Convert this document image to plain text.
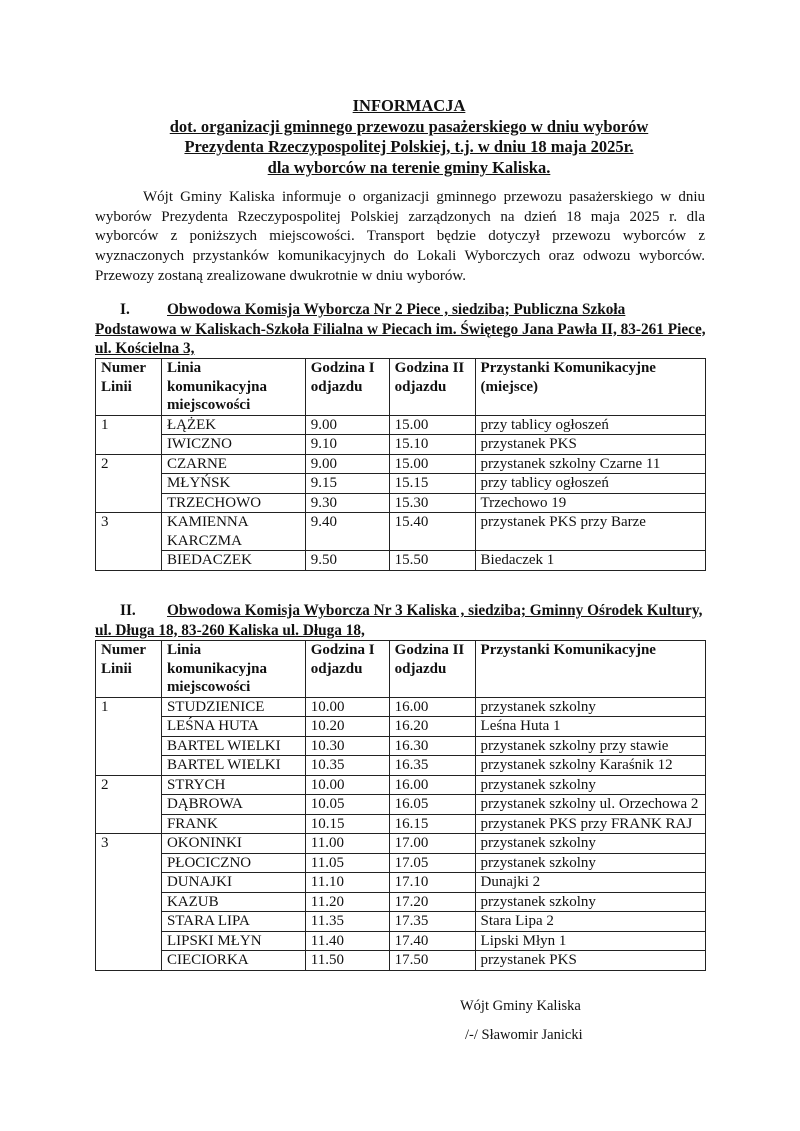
INFORMACJA
dot. organizacji gminnego przewozu pasażerskiego w dniu wyborów
Prezydenta Rzeczypospolitej Polskiej, t.j. w dniu 18 maja 2025r.
dla wyborców na terenie gminy Kaliska.
Wójt Gminy Kaliska informuje o organizacji gminnego przewozu pasażerskiego w dniu wyborów Prezydenta Rzeczypospolitej Polskiej zarządzonych na dzień 18 maja 2025 r. dla wyborców z poniższych miejscowości. Transport będzie dotyczył przewozu wyborców z wyznaczonych przystanków komunikacyjnych do Lokali Wyborczych oraz odwozu wyborców. Przewozy zostaną zrealizowane dwukrotnie w dniu wyborów.
I. Obwodowa Komisja Wyborcza Nr 2 Piece , siedziba; Publiczna Szkoła Podstawowa w Kaliskach-Szkoła Filialna w Piecach im. Świętego Jana Pawła II, 83-261 Piece, ul. Kościelna 3,
Numer Linii	Linia komunikacyjna miejscowości	Godzina I odjazdu	Godzina II odjazdu	Przystanki Komunikacyjne (miejsce)
1	ŁĄŻEK	9.00	15.00	przy tablicy ogłoszeń
	IWICZNO	9.10	15.10	przystanek PKS
2	CZARNE	9.00	15.00	przystanek szkolny Czarne 11
	MŁYŃSK	9.15	15.15	przy tablicy ogłoszeń
	TRZECHOWO	9.30	15.30	Trzechowo 19
3	KAMIENNA KARCZMA	9.40	15.40	przystanek PKS przy Barze
	BIEDACZEK	9.50	15.50	Biedaczek 1
II. Obwodowa Komisja Wyborcza Nr 3 Kaliska , siedziba; Gminny Ośrodek Kultury, ul. Długa 18, 83-260 Kaliska ul. Długa 18,
Numer Linii	Linia komunikacyjna miejscowości	Godzina I odjazdu	Godzina II odjazdu	Przystanki Komunikacyjne
1	STUDZIENICE	10.00	16.00	przystanek szkolny
	LEŚNA HUTA	10.20	16.20	Leśna Huta 1
	BARTEL WIELKI	10.30	16.30	przystanek szkolny przy stawie
	BARTEL WIELKI	10.35	16.35	przystanek szkolny Karaśnik 12
2	STRYCH	10.00	16.00	przystanek szkolny
	DĄBROWA	10.05	16.05	przystanek szkolny ul. Orzechowa 2
	FRANK	10.15	16.15	przystanek PKS przy FRANK RAJ
3	OKONINKI	11.00	17.00	przystanek szkolny
	PŁOCICZNO	11.05	17.05	przystanek szkolny
	DUNAJKI	11.10	17.10	Dunajki 2
	KAZUB	11.20	17.20	przystanek szkolny
	STARA LIPA	11.35	17.35	Stara Lipa 2
	LIPSKI MŁYN	11.40	17.40	Lipski Młyn 1
	CIECIORKA	11.50	17.50	przystanek PKS
Wójt Gminy Kaliska
/-/ Sławomir Janicki
